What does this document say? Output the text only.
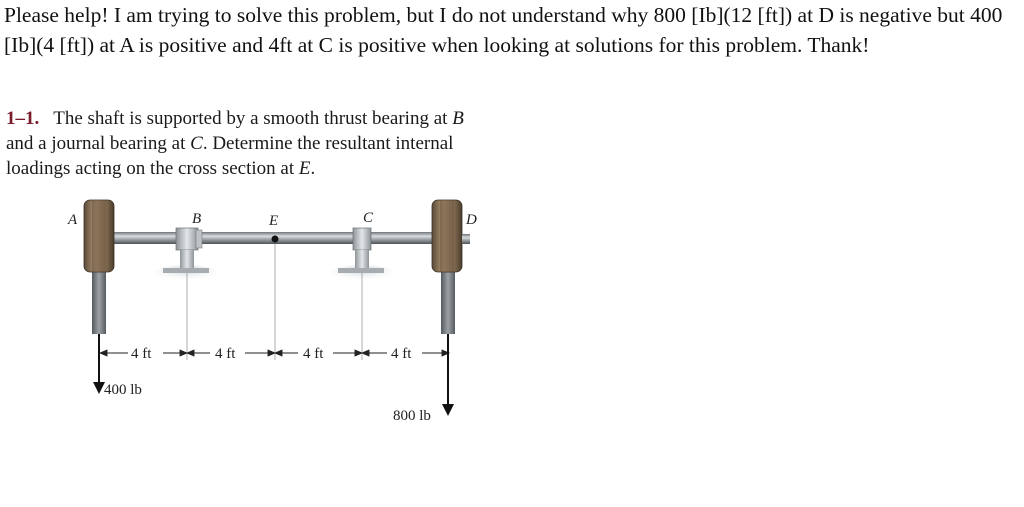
Please help! I am trying to solve this problem, but I do not understand why 800 [Ib](12 [ft]) at D is negative but 400 [Ib](4 [ft]) at A is positive and 4ft at C is positive when looking at solutions for this problem. Thank!

1–1. The shaft is supported by a smooth thrust bearing at B
and a journal bearing at C. Determine the resultant internal
loadings acting on the cross section at E.

4 ft	4 ft	4 ft	4 ft
400 lb
800 lb
A	B	E	C	D
